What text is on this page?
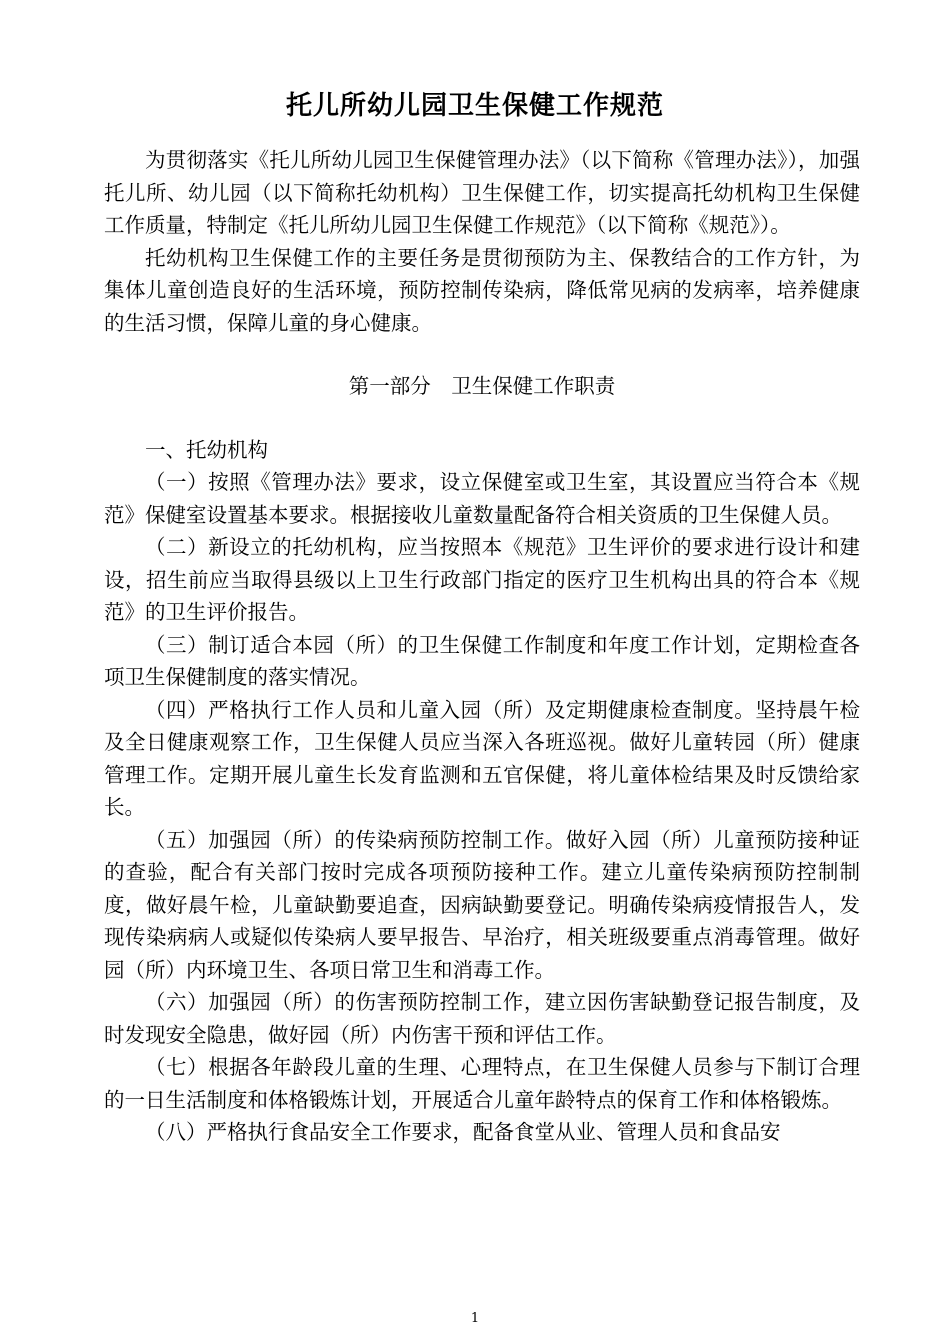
托儿所幼儿园卫生保健工作规范

为贯彻落实《托儿所幼儿园卫生保健管理办法》（以下简称《管理办法》），加强托儿所、幼儿园（以下简称托幼机构）卫生保健工作，切实提高托幼机构卫生保健工作质量，特制定《托儿所幼儿园卫生保健工作规范》（以下简称《规范》）。

托幼机构卫生保健工作的主要任务是贯彻预防为主、保教结合的工作方针，为集体儿童创造良好的生活环境，预防控制传染病，降低常见病的发病率，培养健康的生活习惯，保障儿童的身心健康。

第一部分　卫生保健工作职责

一、托幼机构

（一）按照《管理办法》要求，设立保健室或卫生室，其设置应当符合本《规范》保健室设置基本要求。根据接收儿童数量配备符合相关资质的卫生保健人员。

（二）新设立的托幼机构，应当按照本《规范》卫生评价的要求进行设计和建设，招生前应当取得县级以上卫生行政部门指定的医疗卫生机构出具的符合本《规范》的卫生评价报告。

（三）制订适合本园（所）的卫生保健工作制度和年度工作计划，定期检查各项卫生保健制度的落实情况。

（四）严格执行工作人员和儿童入园（所）及定期健康检查制度。坚持晨午检及全日健康观察工作，卫生保健人员应当深入各班巡视。做好儿童转园（所）健康管理工作。定期开展儿童生长发育监测和五官保健，将儿童体检结果及时反馈给家长。

（五）加强园（所）的传染病预防控制工作。做好入园（所）儿童预防接种证的查验，配合有关部门按时完成各项预防接种工作。建立儿童传染病预防控制制度，做好晨午检，儿童缺勤要追查，因病缺勤要登记。明确传染病疫情报告人，发现传染病病人或疑似传染病人要早报告、早治疗，相关班级要重点消毒管理。做好园（所）内环境卫生、各项日常卫生和消毒工作。

（六）加强园（所）的伤害预防控制工作，建立因伤害缺勤登记报告制度，及时发现安全隐患，做好园（所）内伤害干预和评估工作。

（七）根据各年龄段儿童的生理、心理特点，在卫生保健人员参与下制订合理的一日生活制度和体格锻炼计划，开展适合儿童年龄特点的保育工作和体格锻炼。

（八）严格执行食品安全工作要求，配备食堂从业、管理人员和食品安

1
